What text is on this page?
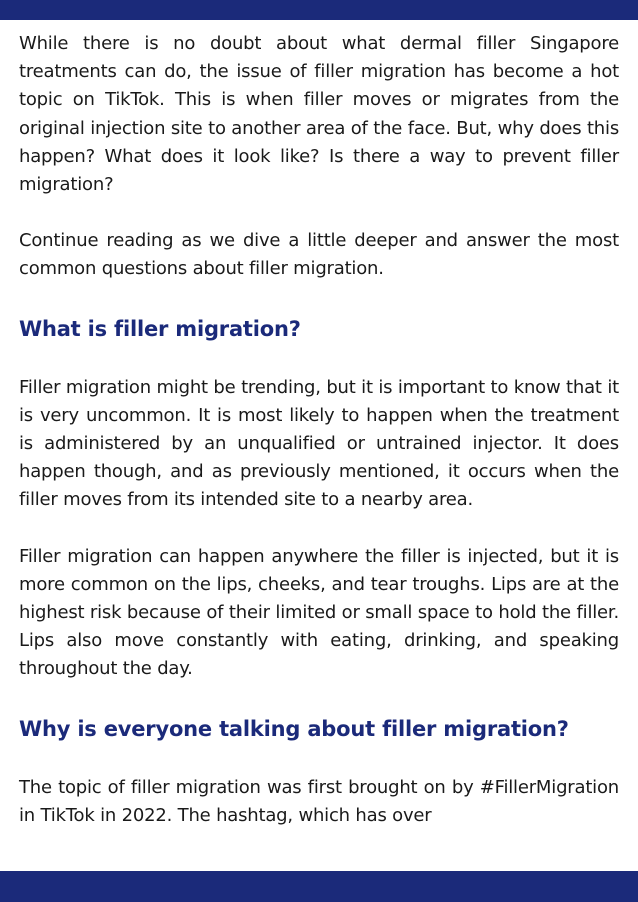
While there is no doubt about what dermal filler Singapore treatments can do, the issue of filler migration has become a hot topic on TikTok. This is when filler moves or migrates from the original injection site to another area of the face. But, why does this happen? What does it look like? Is there a way to prevent filler migration?

Continue reading as we dive a little deeper and answer the most common questions about filler migration.

What is filler migration?

Filler migration might be trending, but it is important to know that it is very uncommon. It is most likely to happen when the treatment is administered by an unqualified or untrained injector. It does happen though, and as previously mentioned, it occurs when the filler moves from its intended site to a nearby area.

Filler migration can happen anywhere the filler is injected, but it is more common on the lips, cheeks, and tear troughs. Lips are at the highest risk because of their limited or small space to hold the filler. Lips also move constantly with eating, drinking, and speaking throughout the day.

Why is everyone talking about filler migration?

The topic of filler migration was first brought on by #FillerMigration in TikTok in 2022. The hashtag, which has over
